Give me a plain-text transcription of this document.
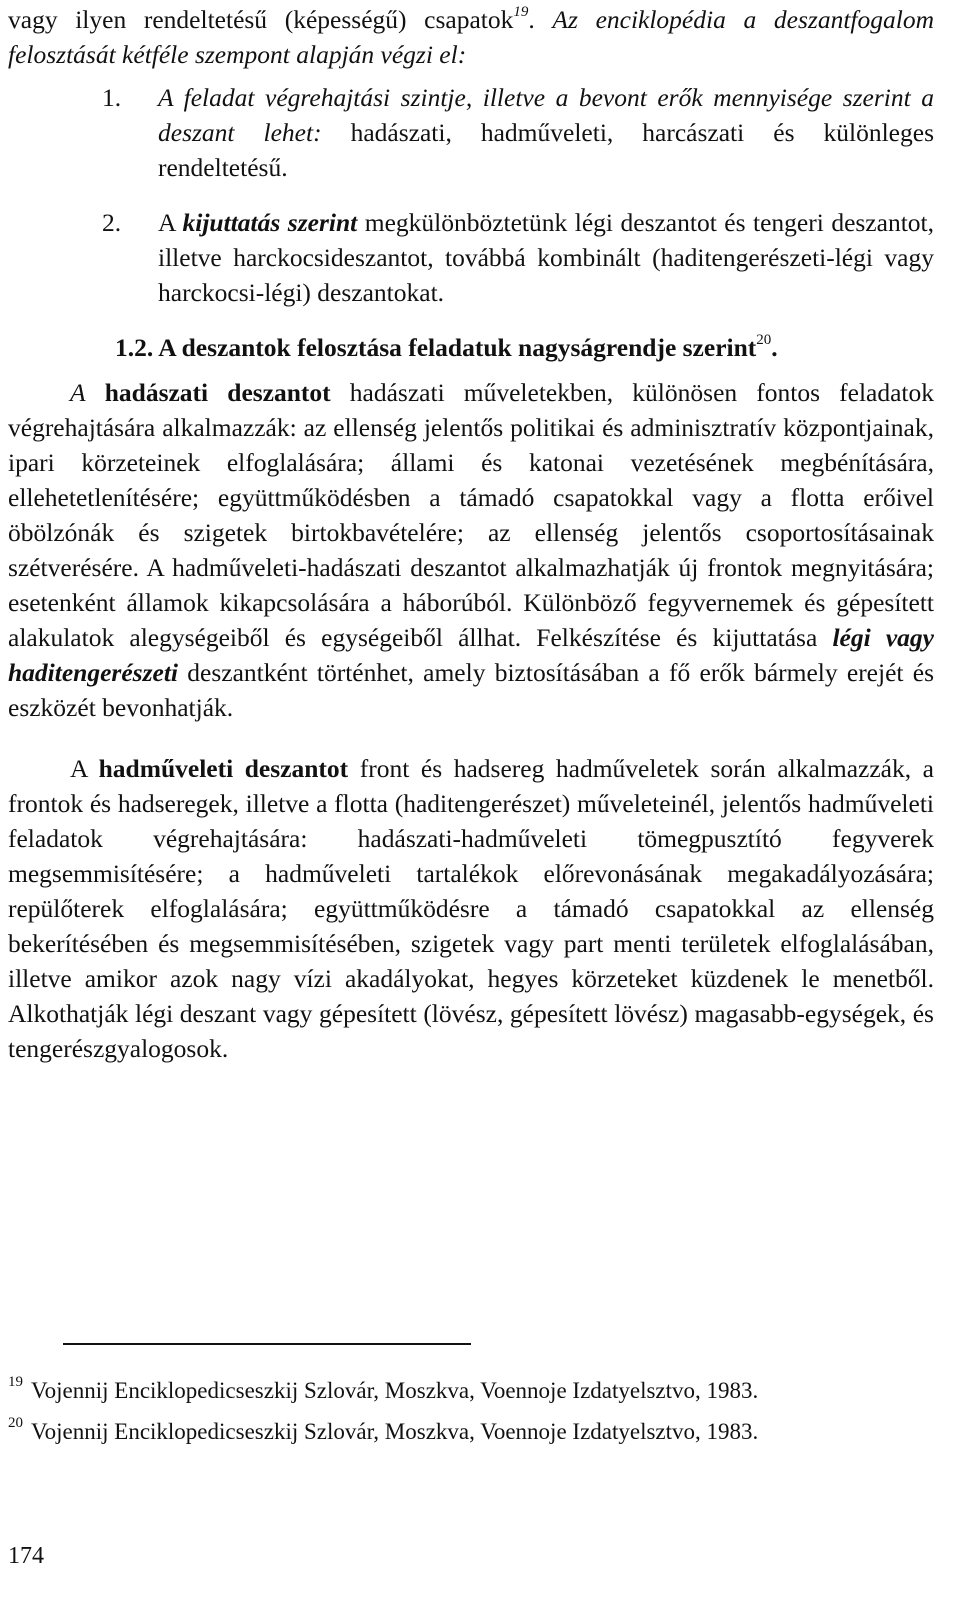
vagy ilyen rendeltetésű (képességű) csapatok$^{19}$. Az enciklopédia a deszantfogalom felosztását kétféle szempont alapján végzi el:

1. A feladat végrehajtási szintje, illetve a bevont erők mennyisége szerint a deszant lehet: hadászati, hadműveleti, harcászati és különleges rendeltetésű.
2. A kijuttatás szerint megkülönböztetünk légi deszantot és tengeri deszantot, illetve harckocsideszantot, továbbá kombinált (haditengerészeti-légi vagy harckocsi-légi) deszantokat.

1.2. A deszantok felosztása feladatuk nagyságrendje szerint$^{20}$.

A hadászati deszantot hadászati műveletekben, különösen fontos feladatok végrehajtására alkalmazzák: az ellenség jelentős politikai és adminisztratív központjainak, ipari körzeteinek elfoglalására; állami és katonai vezetésének megbénítására, ellehetetlenítésére; együttműködésben a támadó csapatokkal vagy a flotta erőivel öbölzónák és szigetek birtokbavételére; az ellenség jelentős csoportosításainak szétverésére. A hadműveleti-hadászati deszantot alkalmazhatják új frontok megnyitására; esetenként államok kikapcsolására a háborúból. Különböző fegyvernemek és gépesített alakulatok alegységeiből és egységeiből állhat. Felkészítése és kijuttatása légi vagy haditengerészeti deszantként történhet, amely biztosításában a fő erők bármely erejét és eszközét bevonhatják.

A hadműveleti deszantot front és hadsereg hadműveletek során alkalmazzák, a frontok és hadseregek, illetve a flotta (haditengerészet) műveleteinél, jelentős hadműveleti feladatok végrehajtására: hadászati-hadműveleti tömegpusztító fegyverek megsemmisítésére; a hadműveleti tartalékok előrevonásának megakadályozására; repülőterek elfoglalására; együttműködésre a támadó csapatokkal az ellenség bekerítésében és megsemmisítésében, szigetek vagy part menti területek elfoglalásában, illetve amikor azok nagy vízi akadályokat, hegyes körzeteket küzdenek le menetből. Alkothatják légi deszant vagy gépesített (lövész, gépesített lövész) magasabb-egységek, és tengerészgyalogosok.

$^{19}$ Vojennij Enciklopedicseszkij Szlovár, Moszkva, Voennoje Izdatyelsztvo, 1983.

$^{20}$ Vojennij Enciklopedicseszkij Szlovár, Moszkva, Voennoje Izdatyelsztvo, 1983.

174
